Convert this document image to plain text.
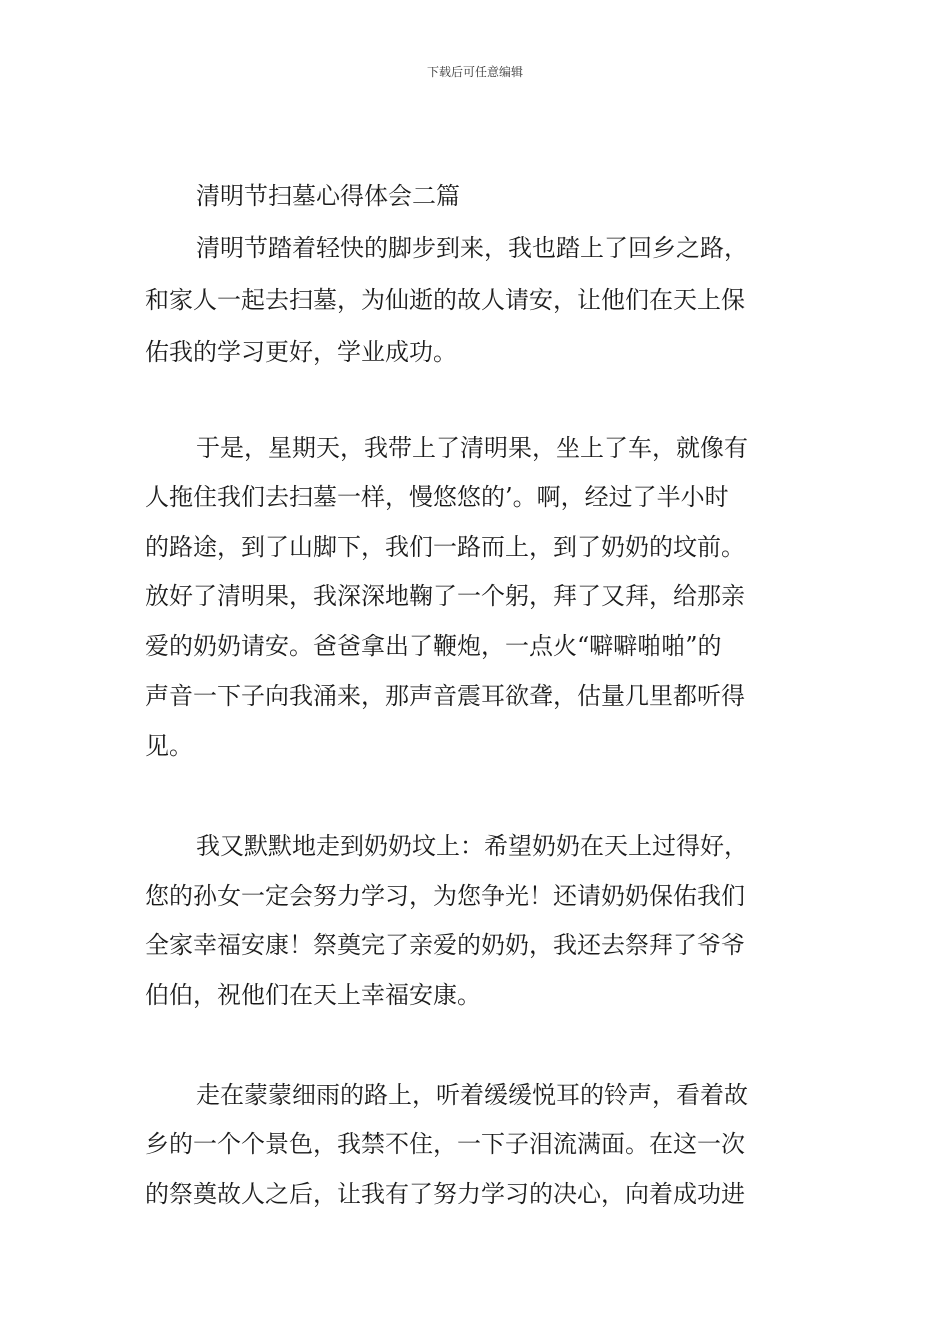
下载后可任意编辑
清明节扫墓心得体会二篇
清明节踏着轻快的脚步到来，我也踏上了回乡之路，
和家人一起去扫墓，为仙逝的故人请安，让他们在天上保
佑我的学习更好，学业成功。
于是，星期天，我带上了清明果，坐上了车，就像有
人拖住我们去扫墓一样，慢悠悠的’。啊，经过了半小时
的路途，到了山脚下，我们一路而上，到了奶奶的坟前。
放好了清明果，我深深地鞠了一个躬，拜了又拜，给那亲
爱的奶奶请安。爸爸拿出了鞭炮，一点火“噼噼啪啪”的
声音一下子向我涌来，那声音震耳欲聋，估量几里都听得
见。
我又默默地走到奶奶坟上：希望奶奶在天上过得好，
您的孙女一定会努力学习，为您争光！还请奶奶保佑我们
全家幸福安康！祭奠完了亲爱的奶奶，我还去祭拜了爷爷
伯伯，祝他们在天上幸福安康。
走在蒙蒙细雨的路上，听着缓缓悦耳的铃声，看着故
乡的一个个景色，我禁不住，一下子泪流满面。在这一次
的祭奠故人之后，让我有了努力学习的决心，向着成功进
